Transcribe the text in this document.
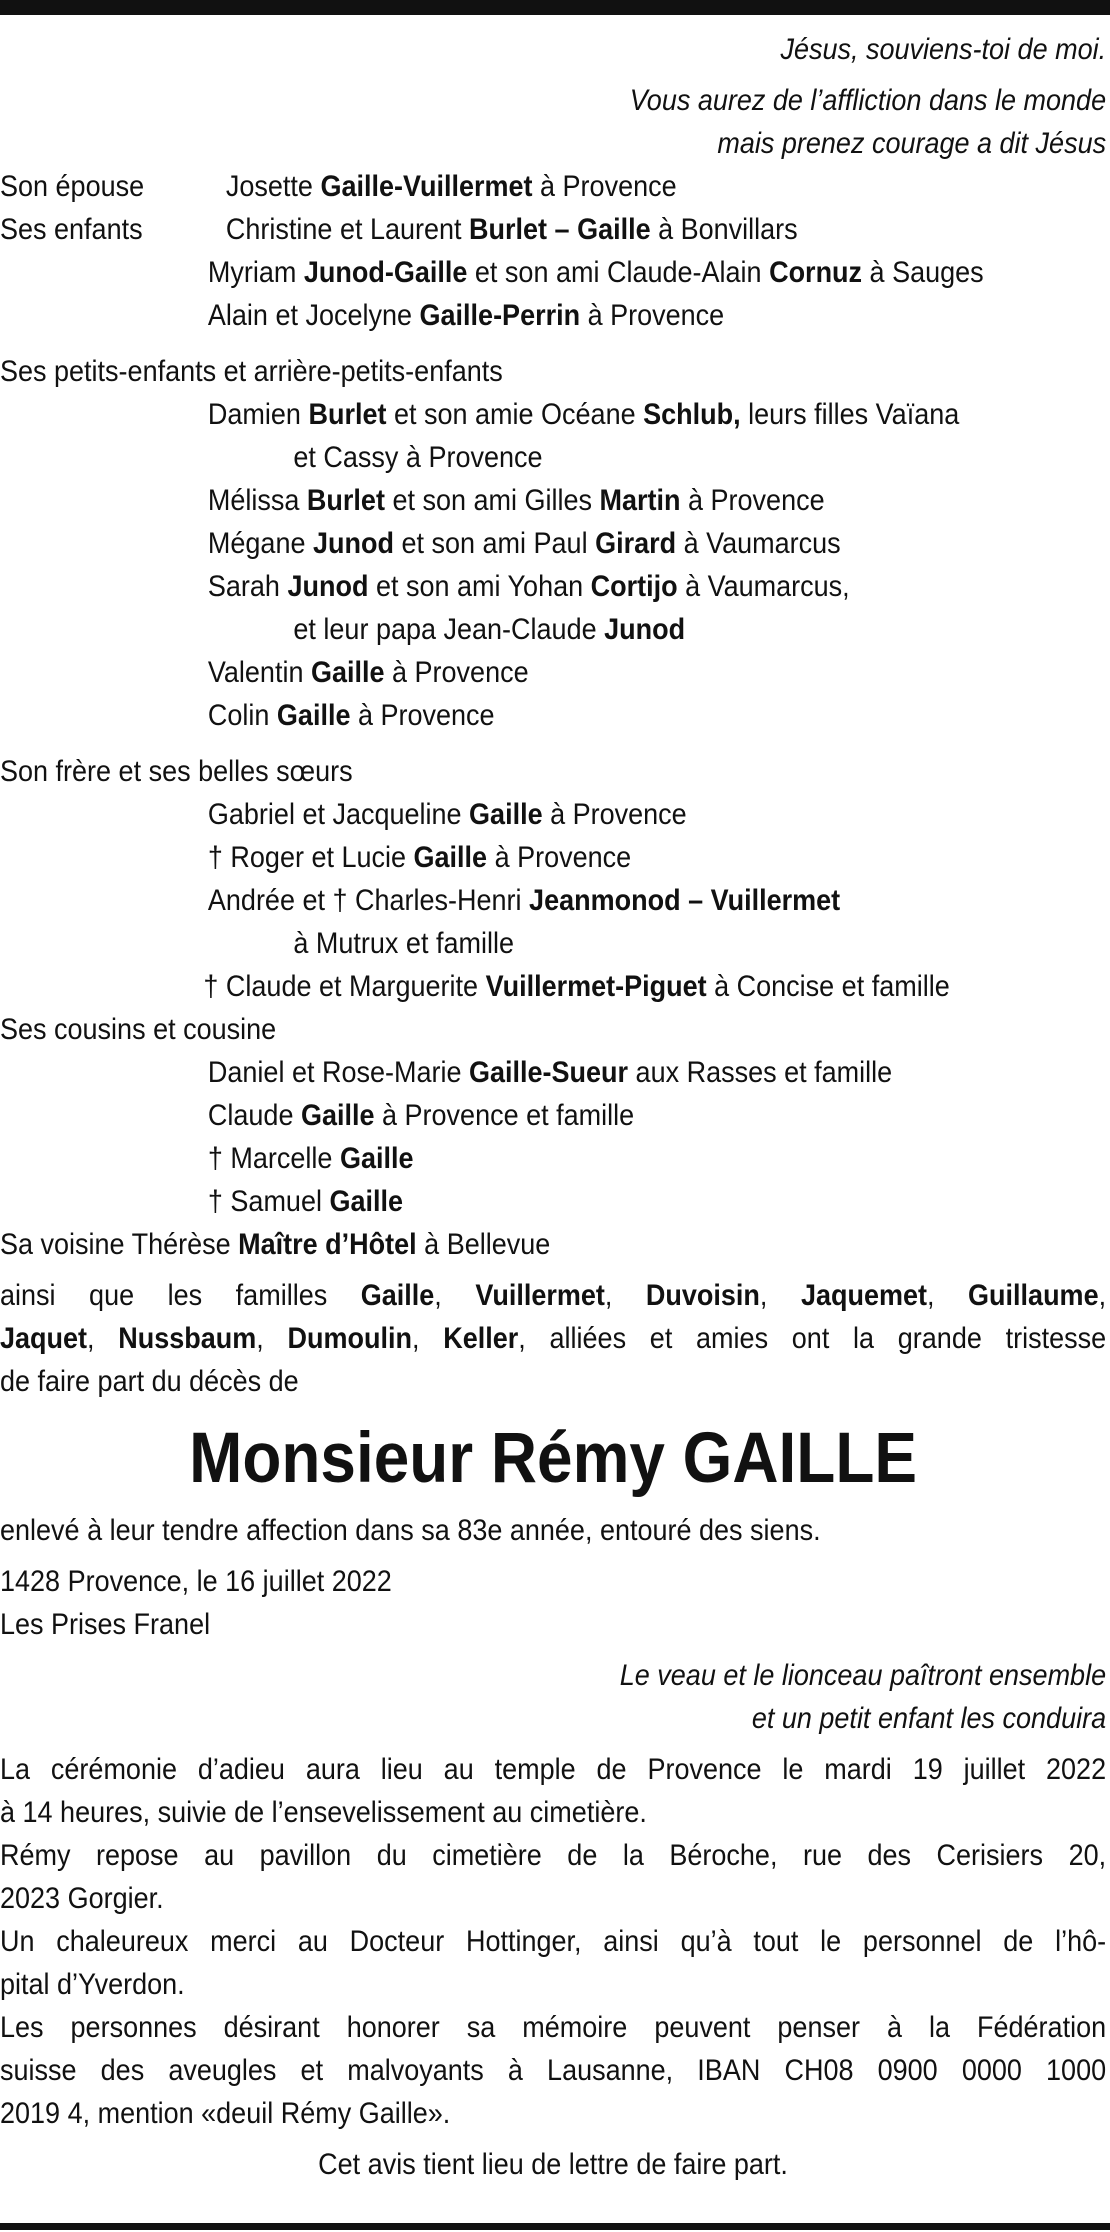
Jésus, souviens-toi de moi.
Vous aurez de l’affliction dans le monde
mais prenez courage a dit Jésus
Son épouse	Josette Gaille-Vuillermet à Provence
Ses enfants	Christine et Laurent Burlet – Gaille à Bonvillars
Myriam Junod-Gaille et son ami Claude-Alain Cornuz à Sauges
Alain et Jocelyne Gaille-Perrin à Provence
Ses petits-enfants et arrière-petits-enfants
Damien Burlet et son amie Océane Schlub, leurs filles Vaïana
et Cassy à Provence
Mélissa Burlet et son ami Gilles Martin à Provence
Mégane Junod et son ami Paul Girard à Vaumarcus
Sarah Junod et son ami Yohan Cortijo à Vaumarcus,
et leur papa Jean-Claude Junod
Valentin Gaille à Provence
Colin Gaille à Provence
Son frère et ses belles sœurs
Gabriel et Jacqueline Gaille à Provence
† Roger et Lucie Gaille à Provence
Andrée et † Charles-Henri Jeanmonod – Vuillermet
à Mutrux et famille
† Claude et Marguerite Vuillermet-Piguet à Concise et famille
Ses cousins et cousine
Daniel et Rose-Marie Gaille-Sueur aux Rasses et famille
Claude Gaille à Provence et famille
† Marcelle Gaille
† Samuel Gaille
Sa voisine Thérèse Maître d’Hôtel à Bellevue
ainsi que les familles Gaille, Vuillermet, Duvoisin, Jaquemet, Guillaume,
Jaquet, Nussbaum, Dumoulin, Keller, alliées et amies ont la grande tristesse
de faire part du décès de
Monsieur Rémy GAILLE
enlevé à leur tendre affection dans sa 83e année, entouré des siens.
1428 Provence, le 16 juillet 2022
Les Prises Franel
Le veau et le lionceau paîtront ensemble
et un petit enfant les conduira
La cérémonie d’adieu aura lieu au temple de Provence le mardi 19 juillet 2022
à 14 heures, suivie de l’ensevelissement au cimetière.
Rémy repose au pavillon du cimetière de la Béroche, rue des Cerisiers 20,
2023 Gorgier.
Un chaleureux merci au Docteur Hottinger, ainsi qu’à tout le personnel de l’hô-
pital d’Yverdon.
Les personnes désirant honorer sa mémoire peuvent penser à la Fédération
suisse des aveugles et malvoyants à Lausanne, IBAN CH08 0900 0000 1000
2019 4, mention «deuil Rémy Gaille».
Cet avis tient lieu de lettre de faire part.
